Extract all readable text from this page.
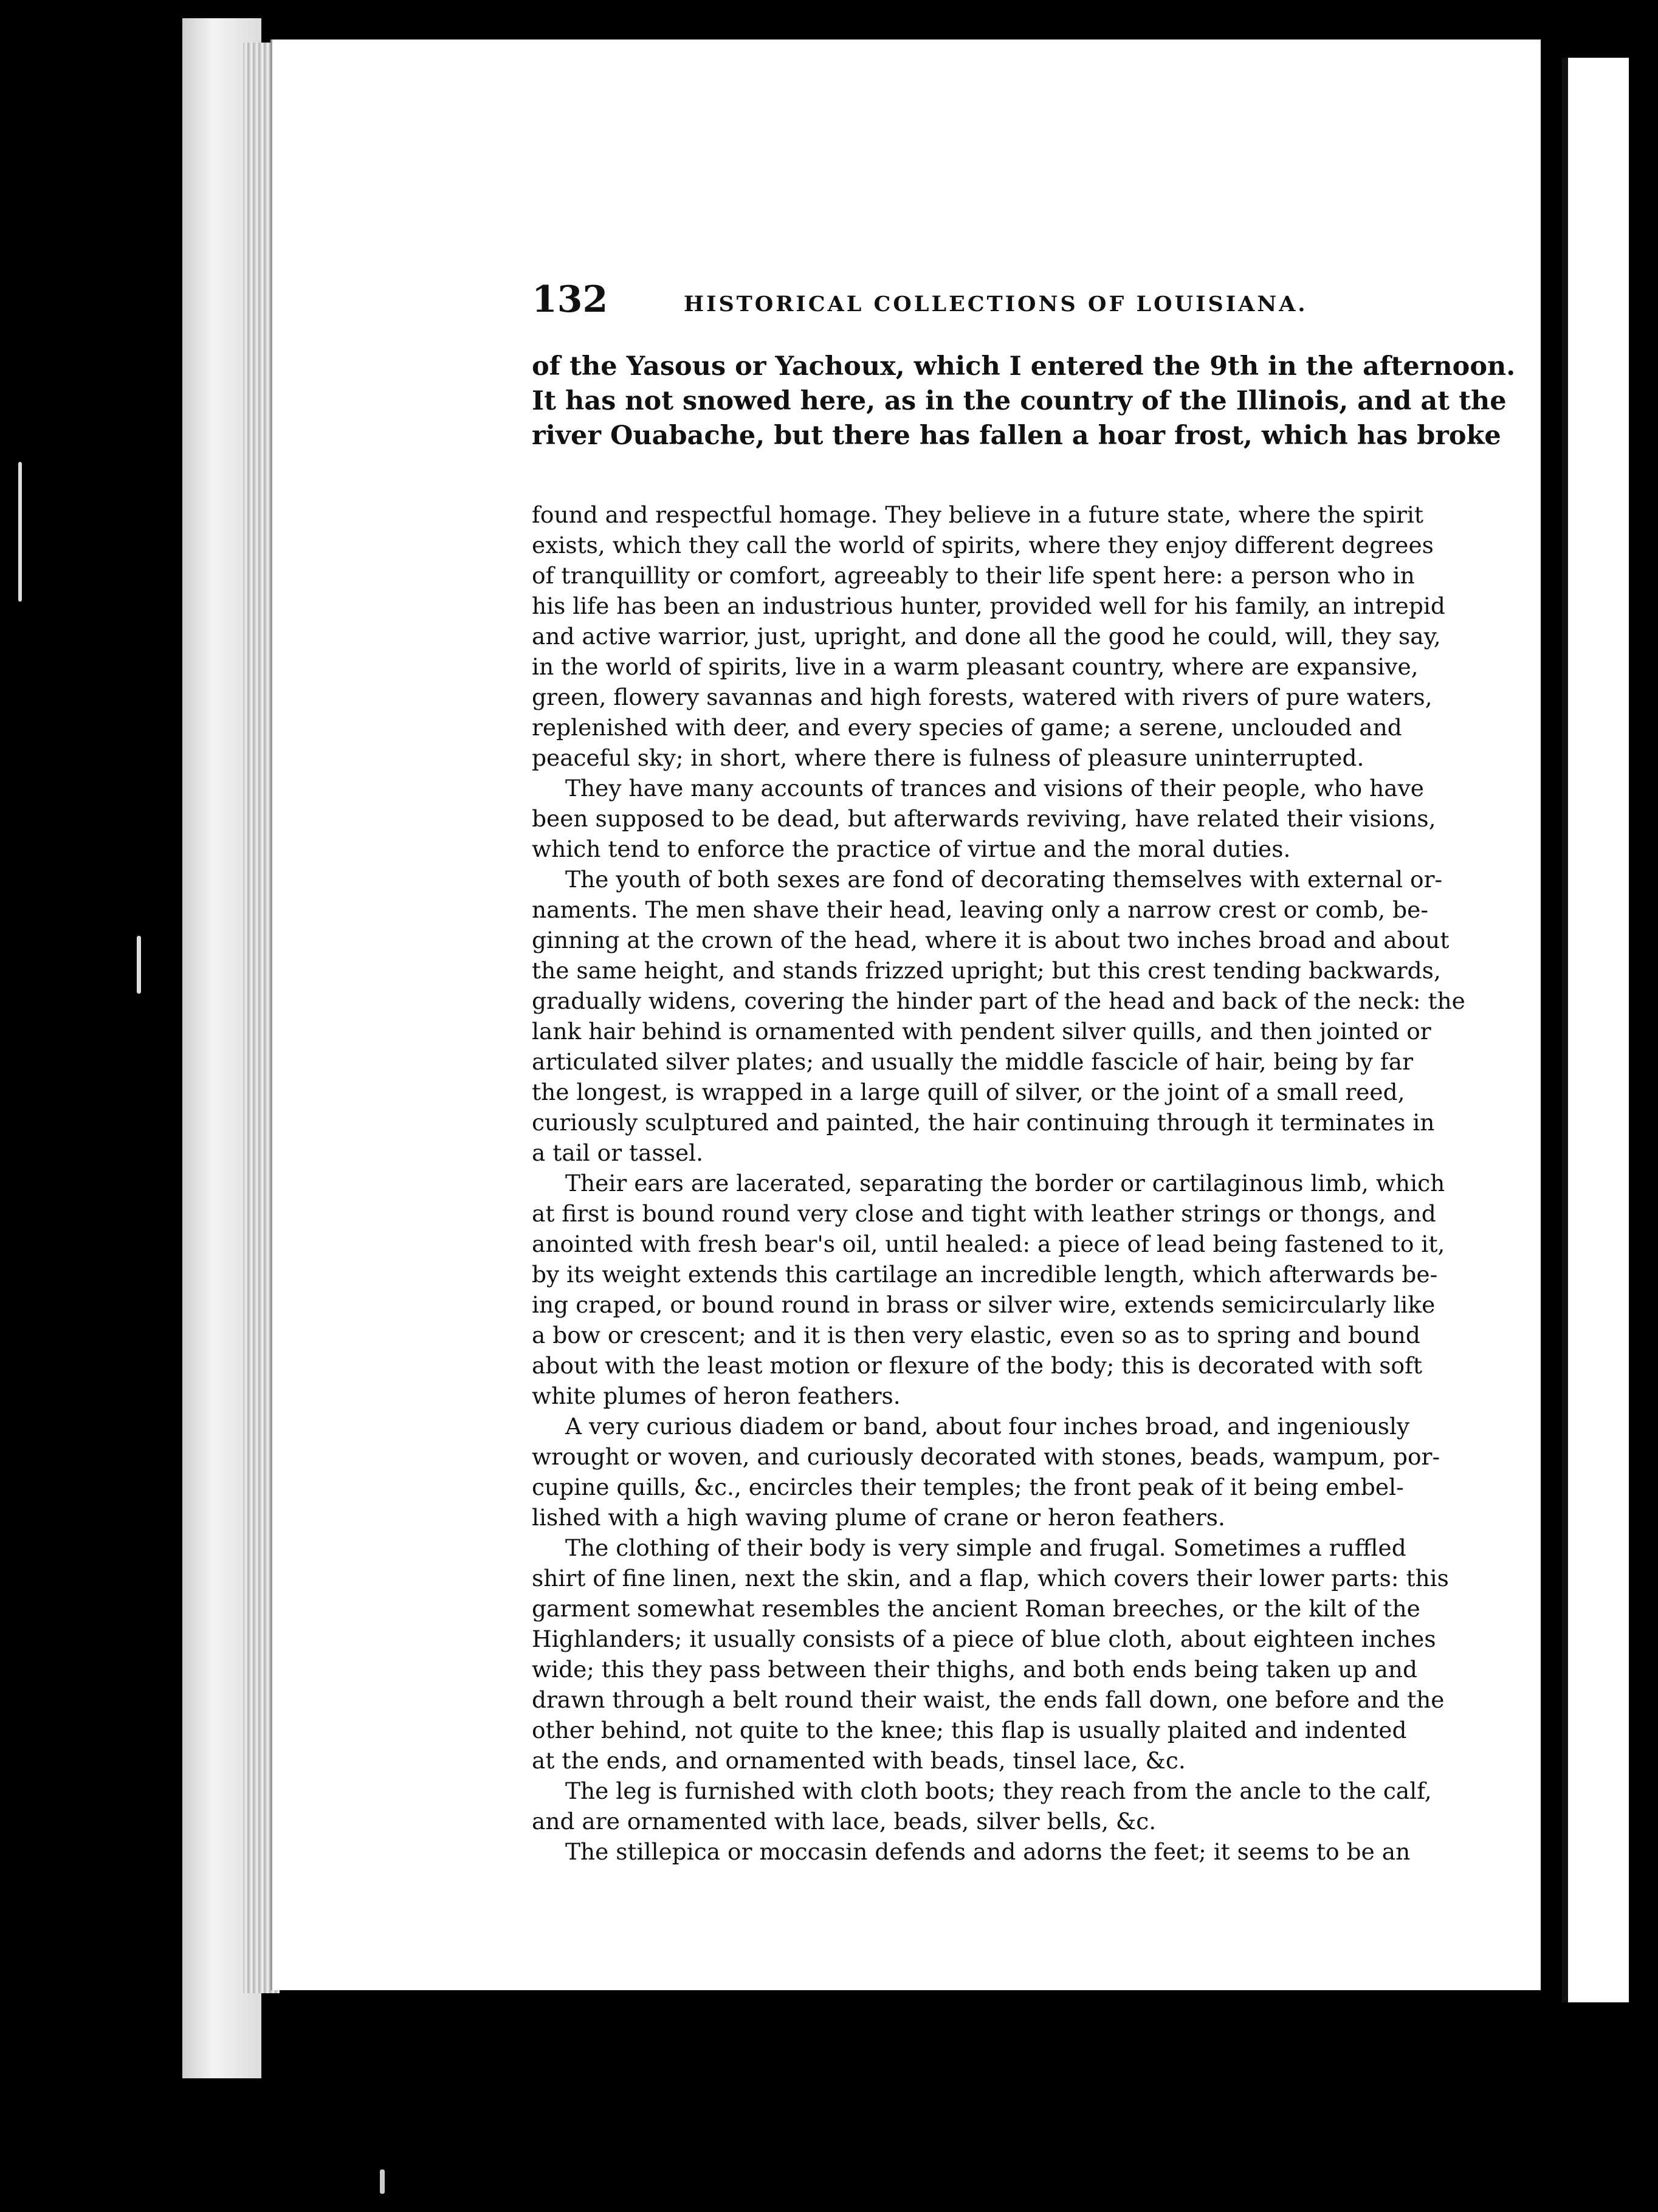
132	HISTORICAL COLLECTIONS OF LOUISIANA.
of the Yasous or Yachoux, which I entered the 9th in the afternoon.
It has not snowed here, as in the country of the Illinois, and at the
river Ouabache, but there has fallen a hoar frost, which has broke
found and respectful homage. They believe in a future state, where the spirit
exists, which they call the world of spirits, where they enjoy different degrees
of tranquillity or comfort, agreeably to their life spent here: a person who in
his life has been an industrious hunter, provided well for his family, an intrepid
and active warrior, just, upright, and done all the good he could, will, they say,
in the world of spirits, live in a warm pleasant country, where are expansive,
green, flowery savannas and high forests, watered with rivers of pure waters,
replenished with deer, and every species of game; a serene, unclouded and
peaceful sky; in short, where there is fulness of pleasure uninterrupted.
They have many accounts of trances and visions of their people, who have
been supposed to be dead, but afterwards reviving, have related their visions,
which tend to enforce the practice of virtue and the moral duties.
The youth of both sexes are fond of decorating themselves with external or-
naments. The men shave their head, leaving only a narrow crest or comb, be-
ginning at the crown of the head, where it is about two inches broad and about
the same height, and stands frizzed upright; but this crest tending backwards,
gradually widens, covering the hinder part of the head and back of the neck: the
lank hair behind is ornamented with pendent silver quills, and then jointed or
articulated silver plates; and usually the middle fascicle of hair, being by far
the longest, is wrapped in a large quill of silver, or the joint of a small reed,
curiously sculptured and painted, the hair continuing through it terminates in
a tail or tassel.
Their ears are lacerated, separating the border or cartilaginous limb, which
at first is bound round very close and tight with leather strings or thongs, and
anointed with fresh bear's oil, until healed: a piece of lead being fastened to it,
by its weight extends this cartilage an incredible length, which afterwards be-
ing craped, or bound round in brass or silver wire, extends semicircularly like
a bow or crescent; and it is then very elastic, even so as to spring and bound
about with the least motion or flexure of the body; this is decorated with soft
white plumes of heron feathers.
A very curious diadem or band, about four inches broad, and ingeniously
wrought or woven, and curiously decorated with stones, beads, wampum, por-
cupine quills, &c., encircles their temples; the front peak of it being embel-
lished with a high waving plume of crane or heron feathers.
The clothing of their body is very simple and frugal. Sometimes a ruffled
shirt of fine linen, next the skin, and a flap, which covers their lower parts: this
garment somewhat resembles the ancient Roman breeches, or the kilt of the
Highlanders; it usually consists of a piece of blue cloth, about eighteen inches
wide; this they pass between their thighs, and both ends being taken up and
drawn through a belt round their waist, the ends fall down, one before and the
other behind, not quite to the knee; this flap is usually plaited and indented
at the ends, and ornamented with beads, tinsel lace, &c.
The leg is furnished with cloth boots; they reach from the ancle to the calf,
and are ornamented with lace, beads, silver bells, &c.
The stillepica or moccasin defends and adorns the feet; it seems to be an
